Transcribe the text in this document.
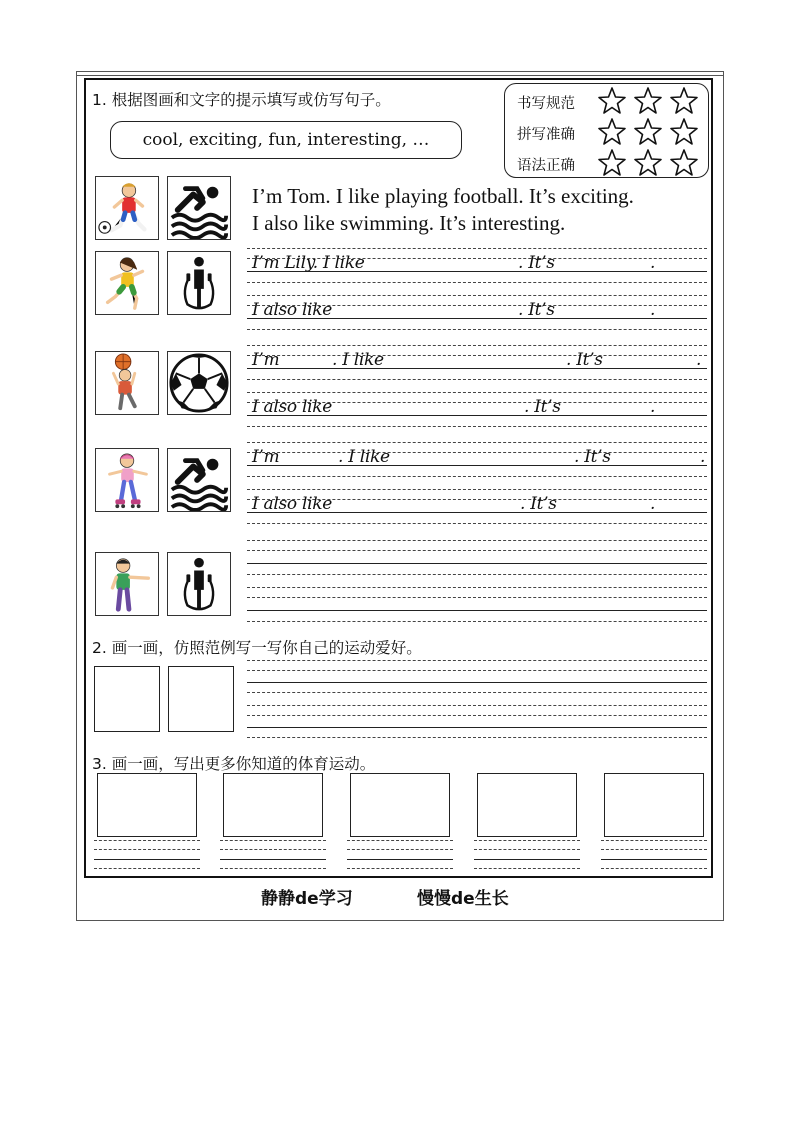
1. 根据图画和文字的提示填写或仿写句子。	书写规范
拼写准确
语法正确
cool, exciting, fun, interesting, …
I’m Tom. I like playing football. It’s exciting.
I also like swimming. It’s interesting.
I’m Lily. I like	. It’s	.
I also like	. It’s	.
I’m	. I like	. It’s	.
I also like	. It’s	.
I’m	. I like	. It’s	.
I also like	. It’s	.
2. 画一画，仿照范例写一写你自己的运动爱好。
3. 画一画，写出更多你知道的体育运动。
静静de学习	慢慢de生长
